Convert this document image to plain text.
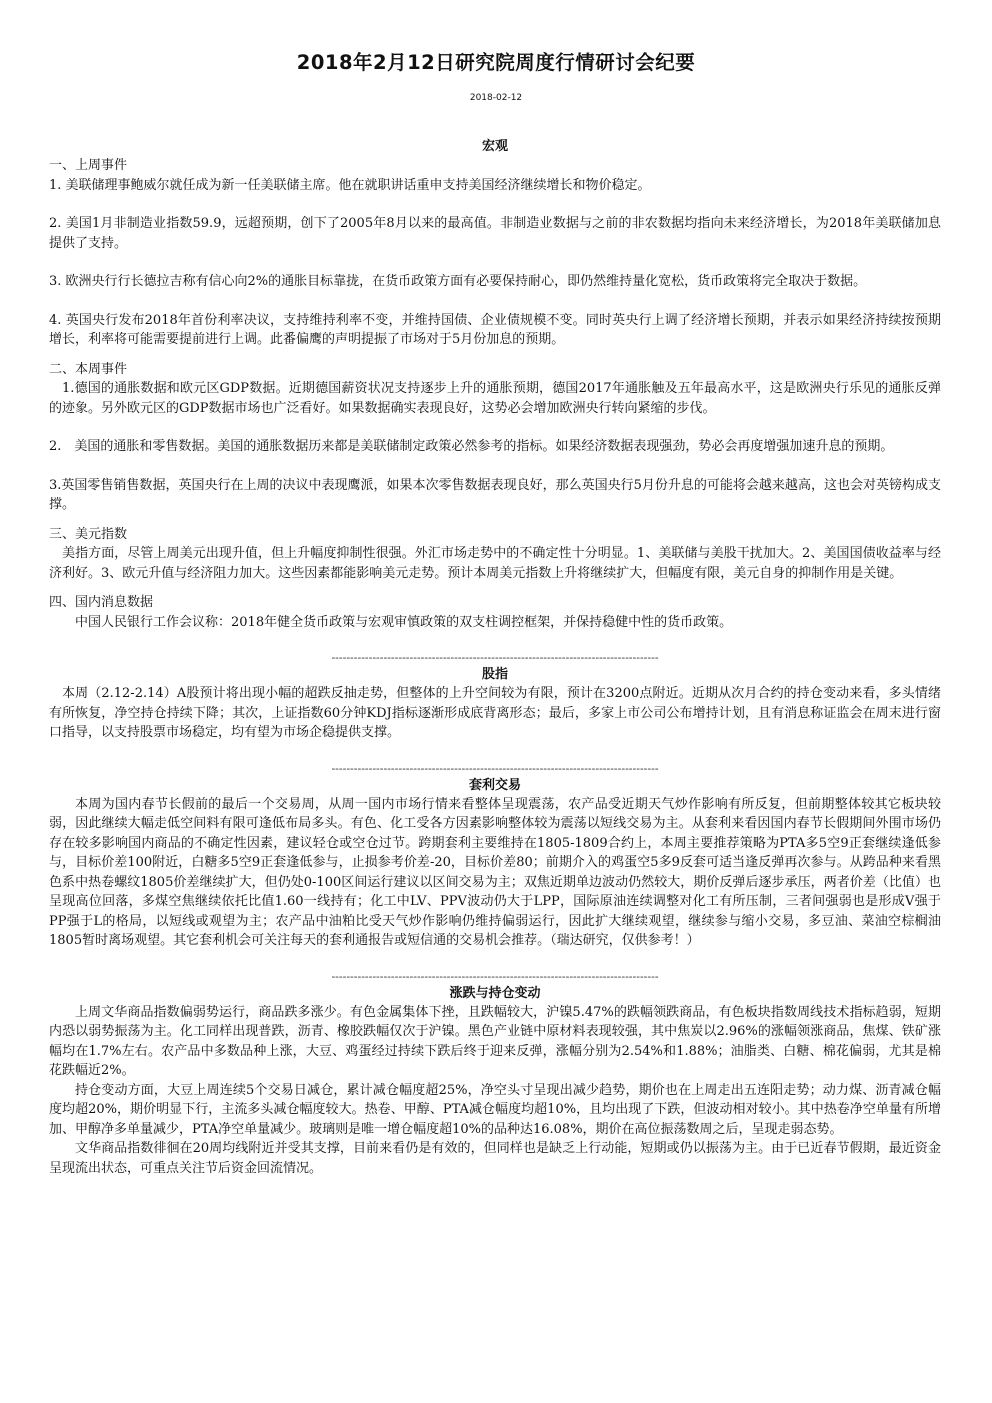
2018年2月12日研究院周度行情研讨会纪要
2018-02-12
宏观
一、上周事件

1. 美联储理事鲍威尔就任成为新一任美联储主席。他在就职讲话重申支持美国经济继续增长和物价稳定。

2. 美国1月非制造业指数59.9，远超预期，创下了2005年8月以来的最高值。非制造业数据与之前的非农数据均指向未来经济增长，为2018年美联储加息提供了支持。

3. 欧洲央行行长德拉吉称有信心向2%的通胀目标靠拢，在货币政策方面有必要保持耐心，即仍然维持量化宽松，货币政策将完全取决于数据。

4. 英国央行发布2018年首份利率决议，支持维持利率不变，并维持国债、企业债规模不变。同时英央行上调了经济增长预期，并表示如果经济持续按预期增长，利率将可能需要提前进行上调。此番偏鹰的声明提振了市场对于5月份加息的预期。

二、本周事件

1.德国的通胀数据和欧元区GDP数据。近期德国薪资状况支持逐步上升的通胀预期，德国2017年通胀触及五年最高水平，这是欧洲央行乐见的通胀反弹的迹象。另外欧元区的GDP数据市场也广泛看好。如果数据确实表现良好，这势必会增加欧洲央行转向紧缩的步伐。

2.　美国的通胀和零售数据。美国的通胀数据历来都是美联储制定政策必然参考的指标。如果经济数据表现强劲，势必会再度增强加速升息的预期。

3.英国零售销售数据，英国央行在上周的决议中表现鹰派，如果本次零售数据表现良好，那么英国央行5月份升息的可能将会越来越高，这也会对英镑构成支撑。

三、美元指数

美指方面，尽管上周美元出现升值，但上升幅度抑制性很强。外汇市场走势中的不确定性十分明显。1、美联储与美股干扰加大。2、美国国债收益率与经济利好。3、欧元升值与经济阻力加大。这些因素都能影响美元走势。预计本周美元指数上升将继续扩大，但幅度有限，美元自身的抑制作用是关键。

四、国内消息数据

中国人民银行工作会议称：2018年健全货币政策与宏观审慎政策的双支柱调控框架，并保持稳健中性的货币政策。

----------------------------------------------------------------------------------------
股指

本周（2.12-2.14）A股预计将出现小幅的超跌反抽走势，但整体的上升空间较为有限，预计在3200点附近。近期从次月合约的持仓变动来看，多头情绪有所恢复，净空持仓持续下降；其次，上证指数60分钟KDJ指标逐渐形成底背离形态；最后，多家上市公司公布增持计划，且有消息称证监会在周末进行窗口指导，以支持股票市场稳定，均有望为市场企稳提供支撑。

----------------------------------------------------------------------------------------
套利交易

本周为国内春节长假前的最后一个交易周，从周一国内市场行情来看整体呈现震荡，农产品受近期天气炒作影响有所反复，但前期整体较其它板块较弱，因此继续大幅走低空间料有限可逢低布局多头。有色、化工受各方因素影响整体较为震荡以短线交易为主。从套利来看因国内春节长假期间外围市场仍存在较多影响国内商品的不确定性因素，建议轻仓或空仓过节。跨期套利主要维持在1805-1809合约上，本周主要推荐策略为PTA多5空9正套继续逢低参与，目标价差100附近，白糖多5空9正套逢低参与，止损参考价差-20，目标价差80；前期介入的鸡蛋空5多9反套可适当逢反弹再次参与。从跨品种来看黑色系中热卷螺纹1805价差继续扩大，但仍处0-100区间运行建议以区间交易为主；双焦近期单边波动仍然较大，期价反弹后逐步承压，两者价差（比值）也呈现高位回落，多煤空焦继续依托比值1.60一线持有；化工中LV、PPV波动仍大于LPP，国际原油连续调整对化工有所压制，三者间强弱也是形成V强于PP强于L的格局，以短线或观望为主；农产品中油粕比受天气炒作影响仍维持偏弱运行，因此扩大继续观望，继续参与缩小交易，多豆油、菜油空棕榈油1805暂时离场观望。其它套利机会可关注每天的套利通报告或短信通的交易机会推荐。（瑞达研究，仅供参考！）

----------------------------------------------------------------------------------------
涨跌与持仓变动

上周文华商品指数偏弱势运行，商品跌多涨少。有色金属集体下挫，且跌幅较大，沪镍5.47%的跌幅领跌商品，有色板块指数周线技术指标趋弱，短期内恐以弱势振荡为主。化工同样出现普跌，沥青、橡胶跌幅仅次于沪镍。黑色产业链中原材料表现较强，其中焦炭以2.96%的涨幅领涨商品，焦煤、铁矿涨幅均在1.7%左右。农产品中多数品种上涨，大豆、鸡蛋经过持续下跌后终于迎来反弹，涨幅分别为2.54%和1.88%；油脂类、白糖、棉花偏弱，尤其是棉花跌幅近2%。

持仓变动方面，大豆上周连续5个交易日减仓，累计减仓幅度超25%，净空头寸呈现出减少趋势，期价也在上周走出五连阳走势；动力煤、沥青减仓幅度均超20%，期价明显下行，主流多头减仓幅度较大。热卷、甲醇、PTA减仓幅度均超10%，且均出现了下跌，但波动相对较小。其中热卷净空单量有所增加、甲醇净多单量减少，PTA净空单量减少。玻璃则是唯一增仓幅度超10%的品种达16.08%，期价在高位振荡数周之后，呈现走弱态势。

文华商品指数徘徊在20周均线附近并受其支撑，目前来看仍是有效的，但同样也是缺乏上行动能，短期或仍以振荡为主。由于已近春节假期，最近资金呈现流出状态，可重点关注节后资金回流情况。
